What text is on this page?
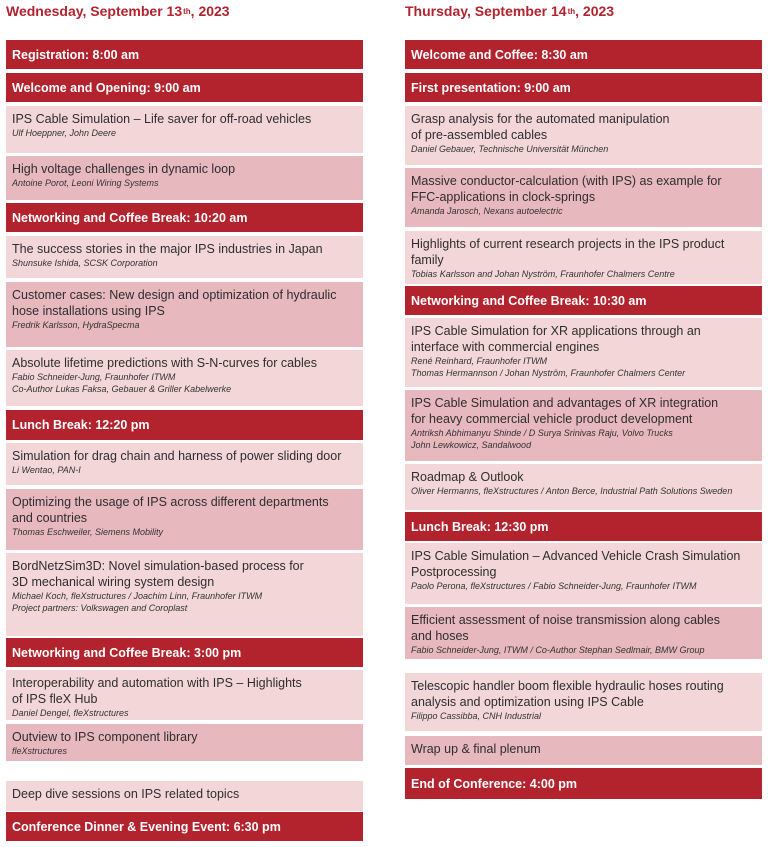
Wednesday, September 13 th , 2023
Registration: 8:00 am
Welcome and Opening: 9:00 am
IPS Cable Simulation – Life saver for off-road vehicles
Ulf Hoeppner, John Deere
High voltage challenges in dynamic loop
Antoine Porot, Leoni Wiring Systems
Networking and Coffee Break: 10:20 am
The success stories in the major IPS industries in Japan
Shunsuke Ishida, SCSK Corporation
Customer cases: New design and optimization of hydraulic
hose installations using IPS
Fredrik Karlsson, HydraSpecma
Absolute lifetime predictions with S-N-curves for cables
Fabio Schneider-Jung, Fraunhofer ITWM
Co-Author Lukas Faksa, Gebauer & Griller Kabelwerke
Lunch Break: 12:20 pm
Simulation for drag chain and harness of power sliding door
Li Wentao, PAN-I
Optimizing the usage of IPS across different departments
and countries
Thomas Eschweiler, Siemens Mobility
BordNetzSim3D: Novel simulation-based process for
3D mechanical wiring system design
Michael Koch, fleXstructures / Joachim Linn, Fraunhofer ITWM
Project partners: Volkswagen and Coroplast
Networking and Coffee Break: 3:00 pm
Interoperability and automation with IPS – Highlights
of IPS fleX Hub
Daniel Dengel, fleXstructures
Outview to IPS component library
fleXstructures
Deep dive sessions on IPS related topics
Conference Dinner & Evening Event: 6:30 pm
Thursday, September 14 th , 2023
Welcome and Coffee: 8:30 am
First presentation: 9:00 am
Grasp analysis for the automated manipulation
of pre-assembled cables
Daniel Gebauer, Technische Universität München
Massive conductor-calculation (with IPS) as example for
FFC-applications in clock-springs
Amanda Jarosch, Nexans autoelectric
Highlights of current research projects in the IPS product family
Tobias Karlsson and Johan Nyström, Fraunhofer Chalmers Centre
Networking and Coffee Break: 10:30 am
IPS Cable Simulation for XR applications through an
interface with commercial engines
René Reinhard, Fraunhofer ITWM
Thomas Hermannson / Johan Nyström, Fraunhofer Chalmers Center
IPS Cable Simulation and advantages of XR integration
for heavy commercial vehicle product development
Antriksh Abhimanyu Shinde / D Surya Srinivas Raju, Volvo Trucks
John Lewkowicz, Sandalwood
Roadmap & Outlook
Oliver Hermanns, fleXstructures / Anton Berce, Industrial Path Solutions Sweden
Lunch Break: 12:30 pm
IPS Cable Simulation – Advanced Vehicle Crash Simulation
Postprocessing
Paolo Perona, fleXstructures / Fabio Schneider-Jung, Fraunhofer ITWM
Efficient assessment of noise transmission along cables
and hoses
Fabio Schneider-Jung, ITWM / Co-Author Stephan Sedlmair, BMW Group
Telescopic handler boom flexible hydraulic hoses routing
analysis and optimization using IPS Cable
Filippo Cassibba, CNH Industrial
Wrap up & final plenum
End of Conference: 4:00 pm
